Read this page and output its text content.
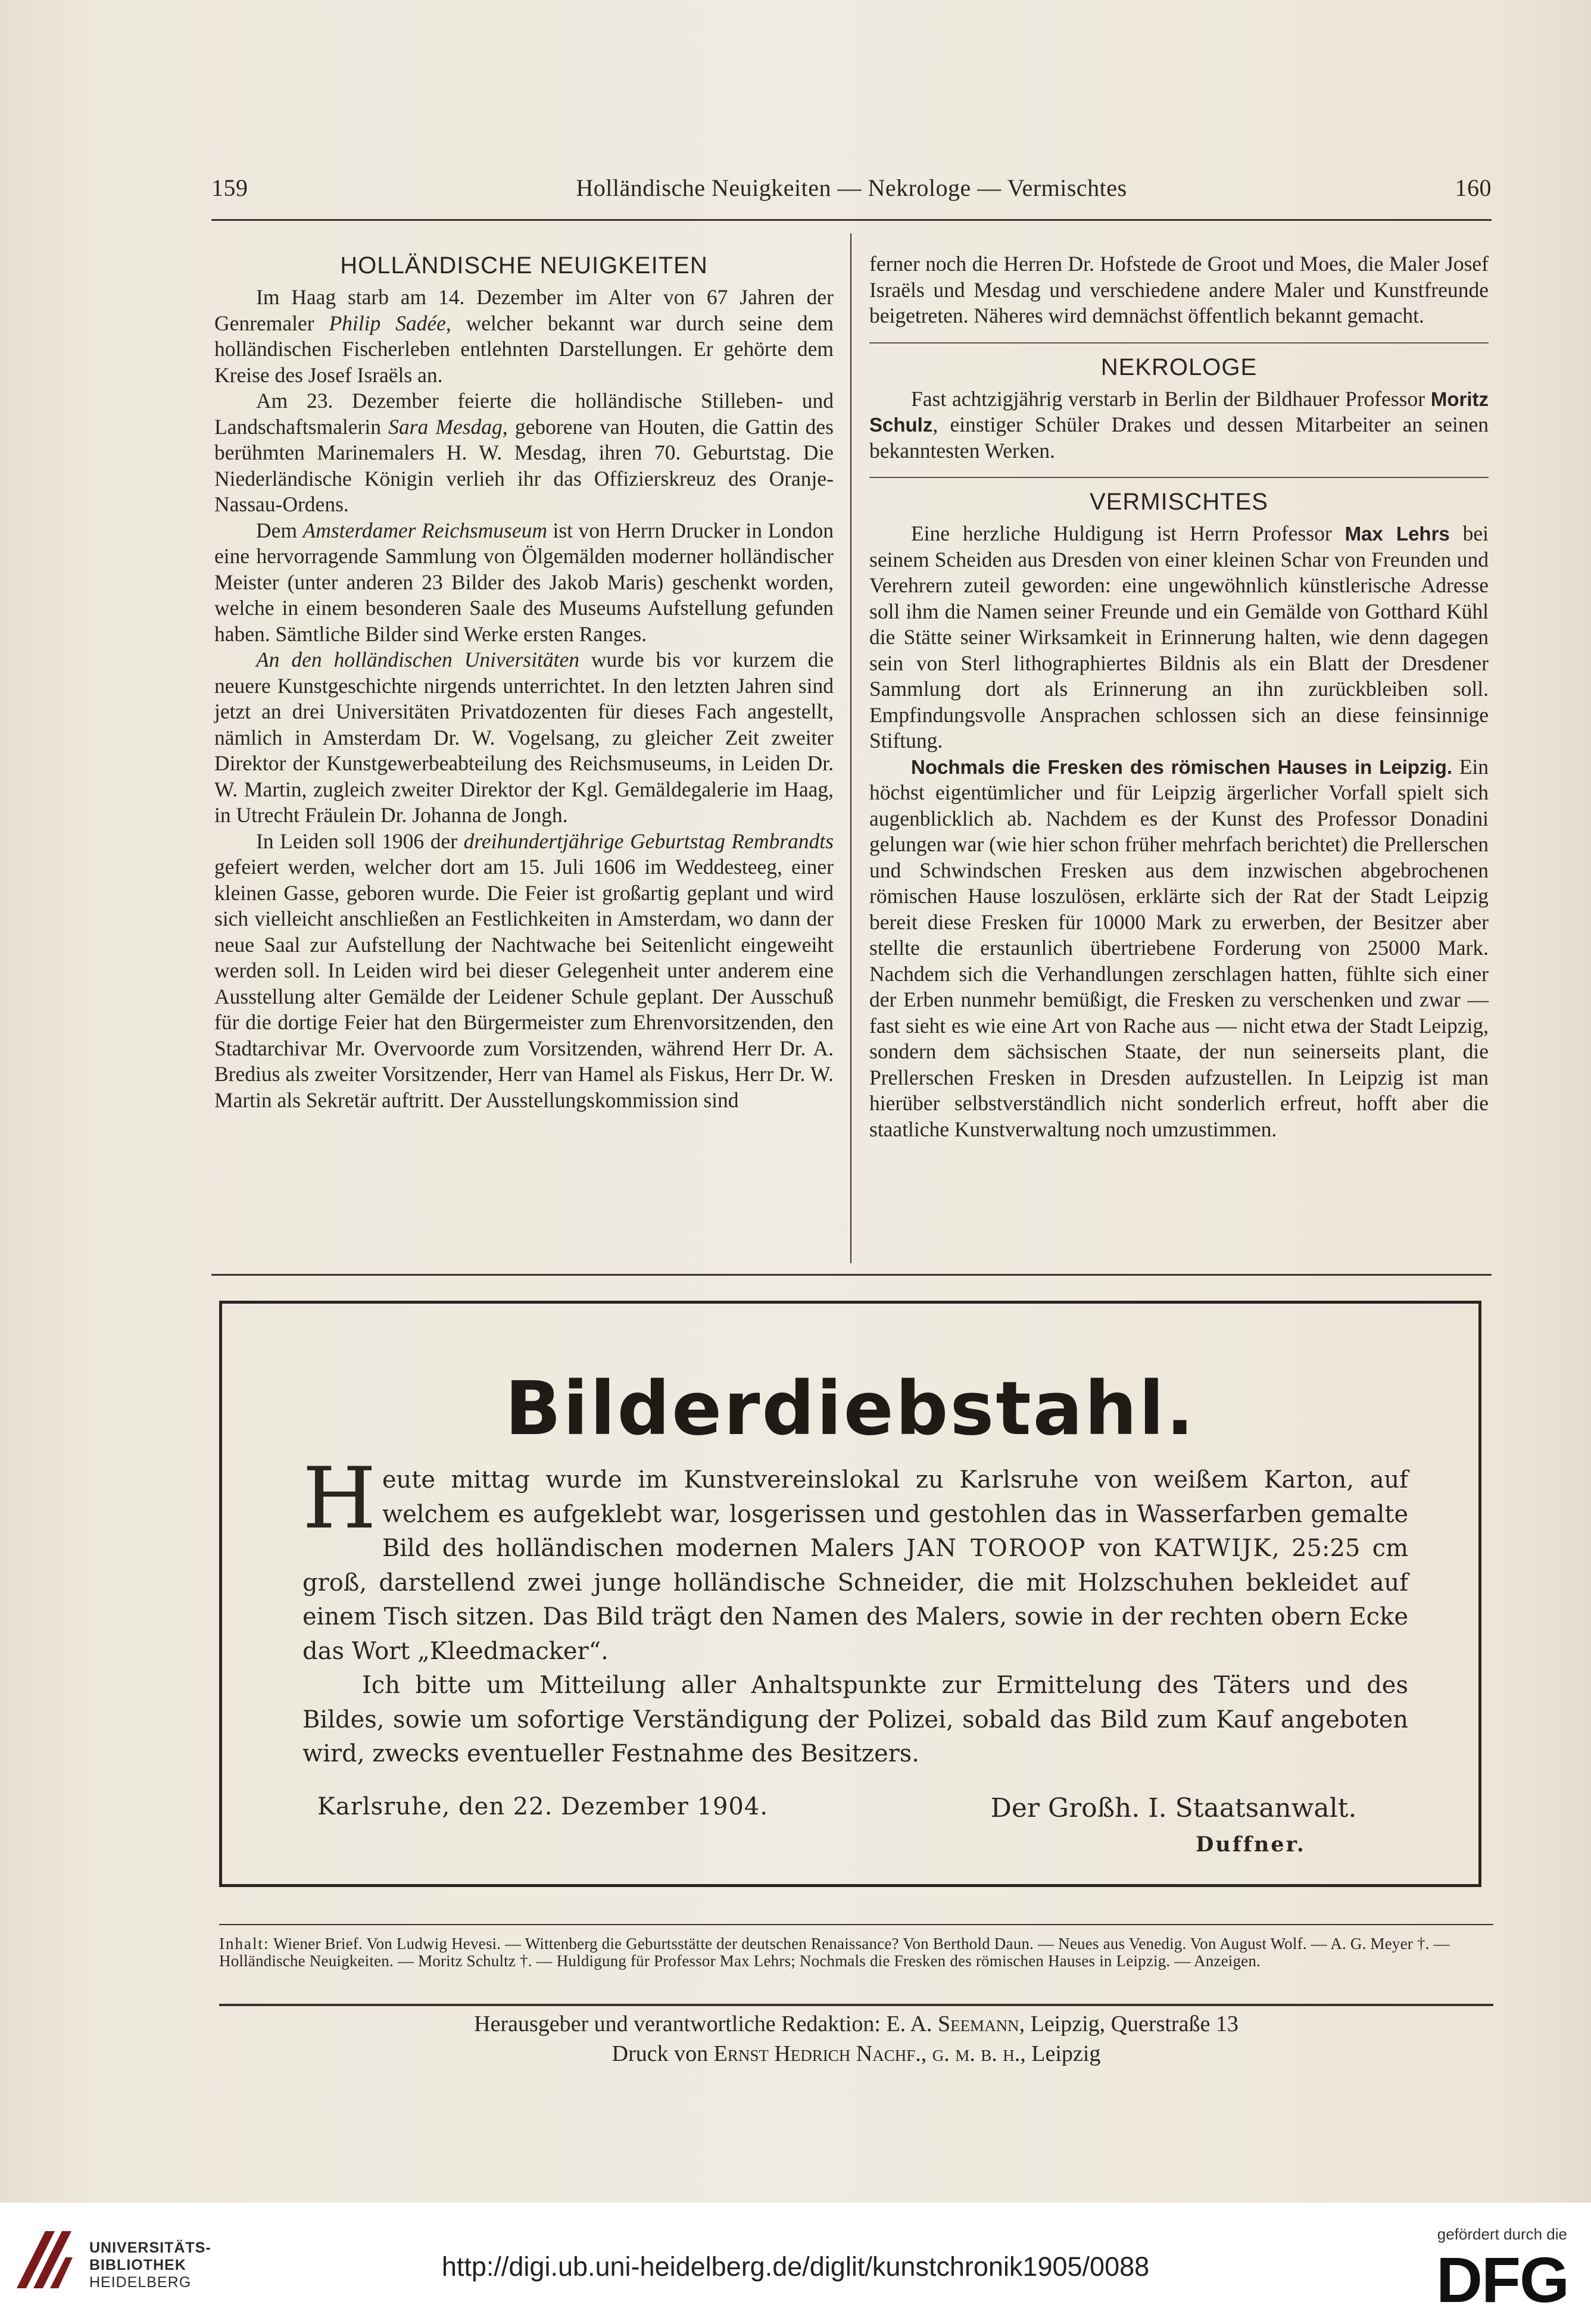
159	Holländische Neuigkeiten — Nekrologe — Vermischtes	160
HOLLÄNDISCHE NEUIGKEITEN

Im Haag starb am 14. Dezember im Alter von 67 Jahren der Genremaler Philip Sadée, welcher bekannt war durch seine dem holländischen Fischerleben entlehnten Darstellungen. Er gehörte dem Kreise des Josef Israëls an.

Am 23. Dezember feierte die holländische Stilleben- und Landschaftsmalerin Sara Mesdag, geborene van Houten, die Gattin des berühmten Marinemalers H. W. Mesdag, ihren 70. Geburtstag. Die Niederländische Königin verlieh ihr das Offizierskreuz des Oranje-Nassau-Ordens.

Dem Amsterdamer Reichsmuseum ist von Herrn Drucker in London eine hervorragende Sammlung von Ölgemälden moderner holländischer Meister (unter anderen 23 Bilder des Jakob Maris) geschenkt worden, welche in einem besonderen Saale des Museums Aufstellung gefunden haben. Sämtliche Bilder sind Werke ersten Ranges.

An den holländischen Universitäten wurde bis vor kurzem die neuere Kunstgeschichte nirgends unterrichtet. In den letzten Jahren sind jetzt an drei Universitäten Privatdozenten für dieses Fach angestellt, nämlich in Amsterdam Dr. W. Vogelsang, zu gleicher Zeit zweiter Direktor der Kunstgewerbeabteilung des Reichsmuseums, in Leiden Dr. W. Martin, zugleich zweiter Direktor der Kgl. Gemäldegalerie im Haag, in Utrecht Fräulein Dr. Johanna de Jongh.

In Leiden soll 1906 der dreihundertjährige Geburtstag Rembrandts gefeiert werden, welcher dort am 15. Juli 1606 im Weddesteeg, einer kleinen Gasse, geboren wurde. Die Feier ist großartig geplant und wird sich vielleicht anschließen an Festlichkeiten in Amsterdam, wo dann der neue Saal zur Aufstellung der Nachtwache bei Seitenlicht eingeweiht werden soll. In Leiden wird bei dieser Gelegenheit unter anderem eine Ausstellung alter Gemälde der Leidener Schule geplant. Der Ausschuß für die dortige Feier hat den Bürgermeister zum Ehrenvorsitzenden, den Stadtarchivar Mr. Overvoorde zum Vorsitzenden, während Herr Dr. A. Bredius als zweiter Vorsitzender, Herr van Hamel als Fiskus, Herr Dr. W. Martin als Sekretär auftritt. Der Ausstellungskommission sind

ferner noch die Herren Dr. Hofstede de Groot und Moes, die Maler Josef Israëls und Mesdag und verschiedene andere Maler und Kunstfreunde beigetreten. Näheres wird demnächst öffentlich bekannt gemacht.

NEKROLOGE

Fast achtzigjährig verstarb in Berlin der Bildhauer Professor Moritz Schulz, einstiger Schüler Drakes und dessen Mitarbeiter an seinen bekanntesten Werken.

VERMISCHTES

Eine herzliche Huldigung ist Herrn Professor Max Lehrs bei seinem Scheiden aus Dresden von einer kleinen Schar von Freunden und Verehrern zuteil geworden: eine ungewöhnlich künstlerische Adresse soll ihm die Namen seiner Freunde und ein Gemälde von Gotthard Kühl die Stätte seiner Wirksamkeit in Erinnerung halten, wie denn dagegen sein von Sterl lithographiertes Bildnis als ein Blatt der Dresdener Sammlung dort als Erinnerung an ihn zurückbleiben soll. Empfindungsvolle Ansprachen schlossen sich an diese feinsinnige Stiftung.

Nochmals die Fresken des römischen Hauses in Leipzig. Ein höchst eigentümlicher und für Leipzig ärgerlicher Vorfall spielt sich augenblicklich ab. Nachdem es der Kunst des Professor Donadini gelungen war (wie hier schon früher mehrfach berichtet) die Prellerschen und Schwindschen Fresken aus dem inzwischen abgebrochenen römischen Hause loszulösen, erklärte sich der Rat der Stadt Leipzig bereit diese Fresken für 10000 Mark zu erwerben, der Besitzer aber stellte die erstaunlich übertriebene Forderung von 25000 Mark. Nachdem sich die Verhandlungen zerschlagen hatten, fühlte sich einer der Erben nunmehr bemüßigt, die Fresken zu verschenken und zwar — fast sieht es wie eine Art von Rache aus — nicht etwa der Stadt Leipzig, sondern dem sächsischen Staate, der nun seinerseits plant, die Prellerschen Fresken in Dresden aufzustellen. In Leipzig ist man hierüber selbstverständlich nicht sonderlich erfreut, hofft aber die staatliche Kunstverwaltung noch umzustimmen.

Bilderdiebstahl.

Heute mittag wurde im Kunstvereinslokal zu Karlsruhe von weißem Karton, auf welchem es aufgeklebt war, losgerissen und gestohlen das in Wasserfarben gemalte Bild des holländischen modernen Malers JAN TOROOP von KATWIJK, 25:25 cm groß, darstellend zwei junge holländische Schneider, die mit Holzschuhen bekleidet auf einem Tisch sitzen. Das Bild trägt den Namen des Malers, sowie in der rechten obern Ecke das Wort „Kleedmacker“.

Ich bitte um Mitteilung aller Anhaltspunkte zur Ermittelung des Täters und des Bildes, sowie um sofortige Verständigung der Polizei, sobald das Bild zum Kauf angeboten wird, zwecks eventueller Festnahme des Besitzers.

Karlsruhe, den 22. Dezember 1904.	Der Großh. I. Staatsanwalt.
Duffner.
Inhalt: Wiener Brief. Von Ludwig Hevesi. — Wittenberg die Geburtsstätte der deutschen Renaissance? Von Berthold Daun. — Neues aus Venedig. Von August Wolf. — A. G. Meyer †. — Holländische Neuigkeiten. — Moritz Schultz †. — Huldigung für Professor Max Lehrs; Nochmals die Fresken des römischen Hauses in Leipzig. — Anzeigen.
Herausgeber und verantwortliche Redaktion: E. A. Seemann, Leipzig, Querstraße 13
Druck von Ernst Hedrich Nachf., g. m. b. h., Leipzig
UNIVERSITÄTS-
BIBLIOTHEK
HEIDELBERG
http://digi.ub.uni-heidelberg.de/diglit/kunstchronik1905/0088
gefördert durch die
DFG
